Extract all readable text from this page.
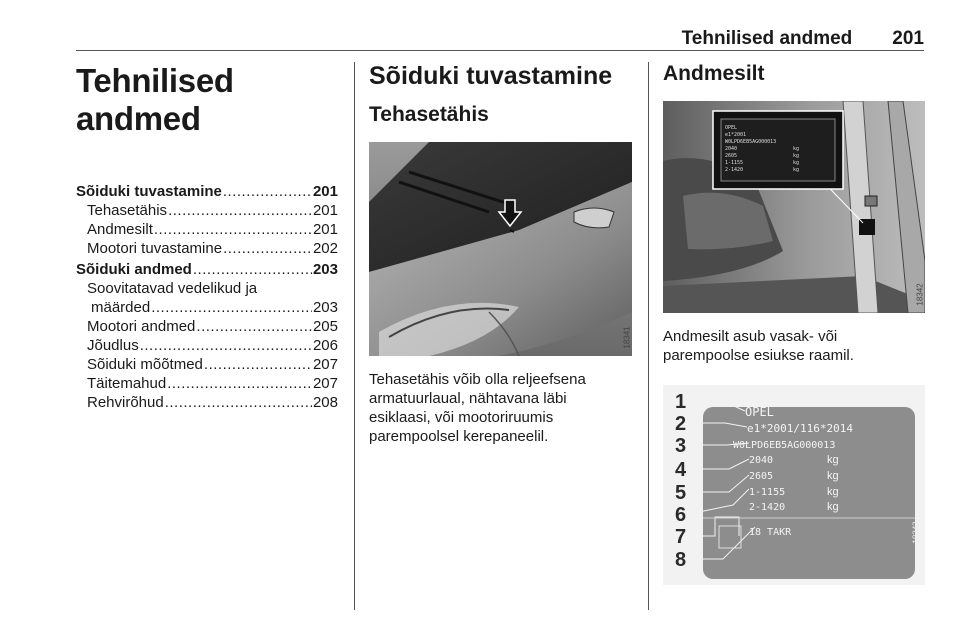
Tehnilised andmed 201
Tehnilised andmed
Sõiduki tuvastamine .....	201
Tehasetähis .....	201
Andmesilt .....	201
Mootori tuvastamine .....	202
Sõiduki andmed .....	203
Soovitatavad vedelikud ja
määrded .....	203
Mootori andmed .....	205
Jõudlus .....	206
Sõiduki mõõtmed .....	207
Täitemahud .....	207
Rehvirõhud .....	208
Sõiduki tuvastamine
Tehasetähis
18341
Tehasetähis võib olla reljeefsena
armatuurlaual, nähtavana läbi
esiklaasi, või mootoriruumis
parempoolsel kerepaneelil.
Andmesilt
OPEL
e1*2001
W0LPD6EB5AG000013
2040	kg
2605	kg
1-1155	kg
2-1420	kg
18342
Andmesilt asub vasak- või
parempoolse esiukse raamil.
1
2
3
4
5
6
7
8
OPEL
e1*2001/116*2014
W0LPD6EB5AG000013
2040
2605
1-1155
2-1420
18 TAKR
kg
kg
kg
kg
18343
